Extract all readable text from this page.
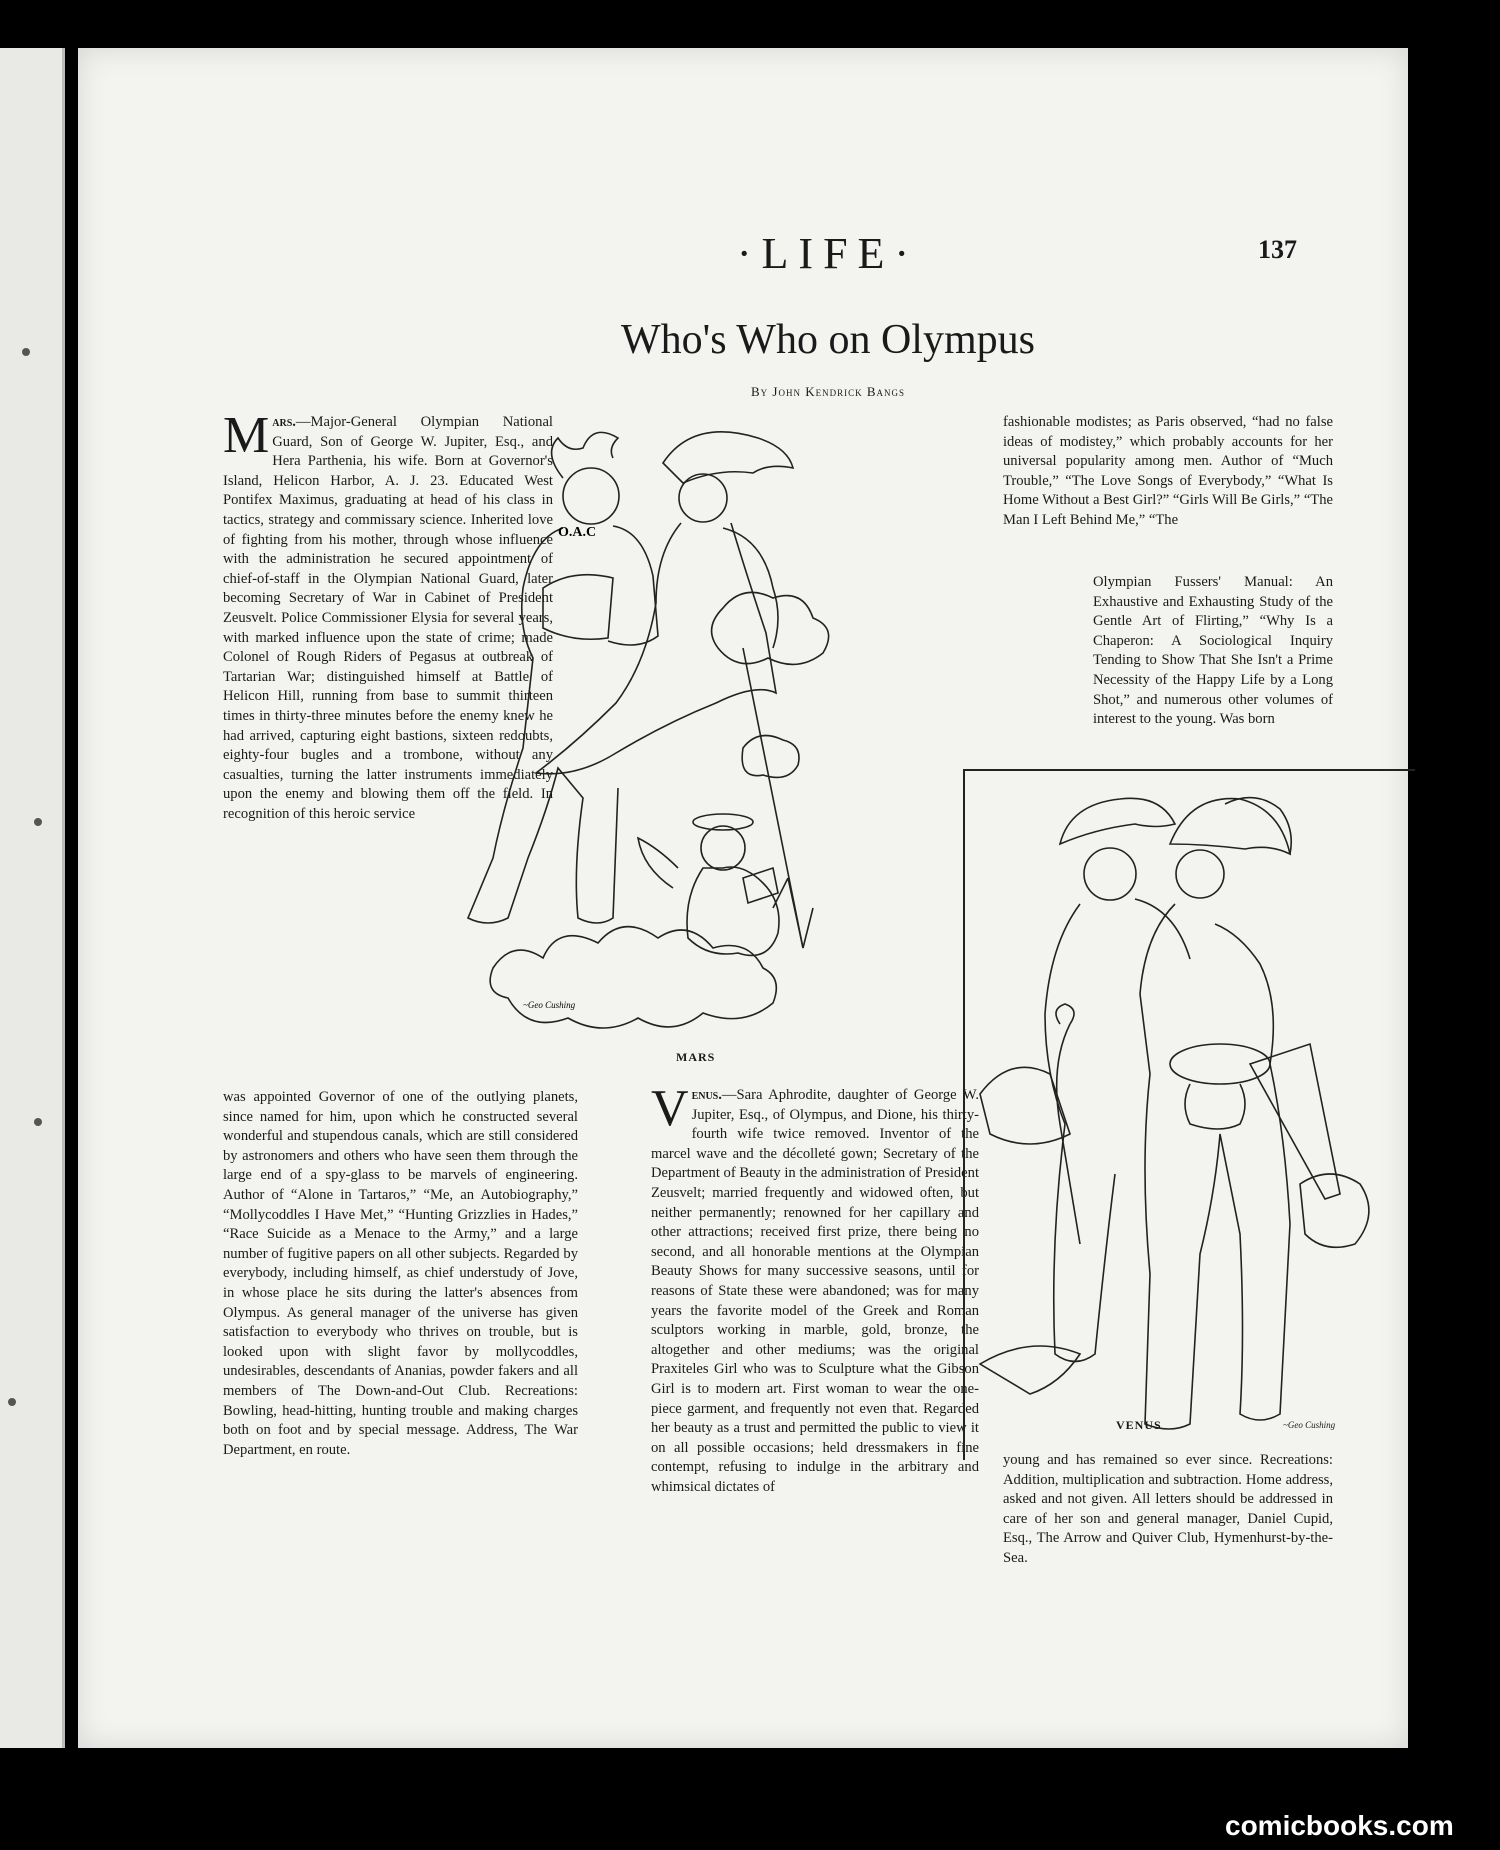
·LIFE·	137
Who's Who on Olympus
By John Kendrick Bangs

Mars.—Major-General Olympian National Guard, Son of George W. Jupiter, Esq., and Hera Parthenia, his wife. Born at Governor's Island, Helicon Harbor, A. J. 23. Educated West Pontifex Maximus, graduating at head of his class in tactics, strategy and commissary science. Inherited love of fighting from his mother, through whose influence with the administration he secured appointment of chief-of-staff in the Olympian National Guard, later becoming Secretary of War in Cabinet of President Zeusvelt. Police Commissioner Elysia for several years, with marked influence upon the state of crime; made Colonel of Rough Riders of Pegasus at outbreak of Tartarian War; distinguished himself at Battle of Helicon Hill, running from base to summit thirteen times in thirty-three minutes before the enemy knew he had arrived, capturing eight bastions, sixteen redoubts, eighty-four bugles and a trombone, without any casualties, turning the latter instruments immediately upon the enemy and blowing them off the field. In recognition of this heroic service

was appointed Governor of one of the outlying planets, since named for him, upon which he constructed several wonderful and stupendous canals, which are still considered by astronomers and others who have seen them through the large end of a spy-glass to be marvels of engineering. Author of “Alone in Tartaros,” “Me, an Autobiography,” “Mollycoddles I Have Met,” “Hunting Grizzlies in Hades,” “Race Suicide as a Menace to the Army,” and a large number of fugitive papers on all other subjects. Regarded by everybody, including himself, as chief understudy of Jove, in whose place he sits during the latter's absences from Olympus. As general manager of the universe has given satisfaction to everybody who thrives on trouble, but is looked upon with slight favor by mollycoddles, undesirables, descendants of Ananias, powder fakers and all members of The Down-and-Out Club. Recreations: Bowling, head-hitting, hunting trouble and making charges both on foot and by special message. Address, The War Department, en route.

O.A.C
~Geo Cushing
MARS

Venus.—Sara Aphrodite, daughter of George W. Jupiter, Esq., of Olympus, and Dione, his thirty-fourth wife twice removed. Inventor of the marcel wave and the décolleté gown; Secretary of the Department of Beauty in the administration of President Zeusvelt; married frequently and widowed often, but neither permanently; renowned for her capillary and other attractions; received first prize, there being no second, and all honorable mentions at the Olympian Beauty Shows for many successive seasons, until for reasons of State these were abandoned; was for many years the favorite model of the Greek and Roman sculptors working in marble, gold, bronze, the altogether and other mediums; was the original Praxiteles Girl who was to Sculpture what the Gibson Girl is to modern art. First woman to wear the one-piece garment, and frequently not even that. Regarded her beauty as a trust and permitted the public to view it on all possible occasions; held dressmakers in fine contempt, refusing to indulge in the arbitrary and whimsical dictates of

fashionable modistes; as Paris observed, “had no false ideas of modistey,” which probably accounts for her universal popularity among men. Author of “Much Trouble,” “The Love Songs of Everybody,” “What Is Home Without a Best Girl?” “Girls Will Be Girls,” “The Man I Left Behind Me,” “The

Olympian Fussers' Manual: An Exhaustive and Exhausting Study of the Gentle Art of Flirting,” “Why Is a Chaperon: A Sociological Inquiry Tending to Show That She Isn't a Prime Necessity of the Happy Life by a Long Shot,” and numerous other volumes of interest to the young. Was born

VENUS	~Geo Cushing

young and has remained so ever since. Recreations: Addition, multiplication and subtraction. Home address, asked and not given. All letters should be addressed in care of her son and general manager, Daniel Cupid, Esq., The Arrow and Quiver Club, Hymenhurst-by-the-Sea.

comicbooks.com
